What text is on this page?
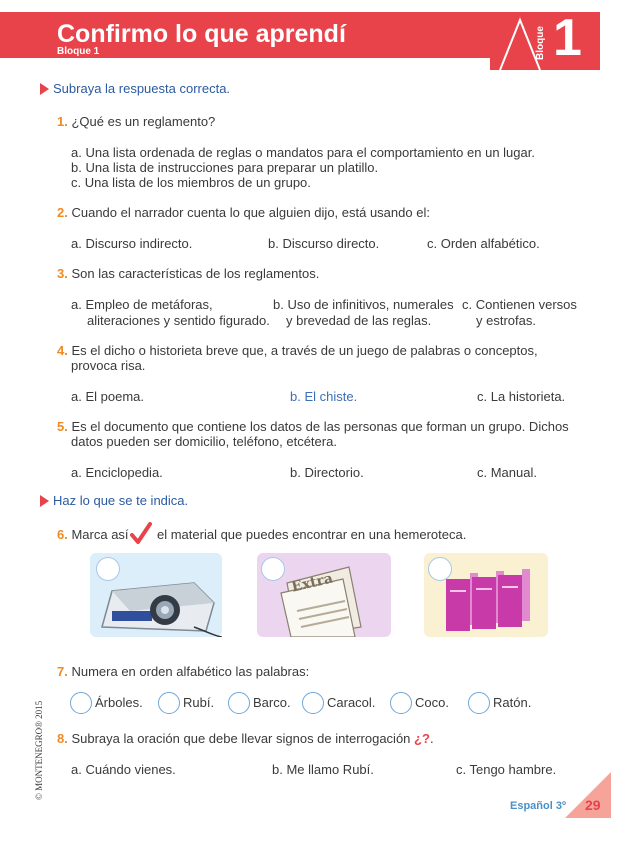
Confirmo lo que aprendí
Bloque 1	Bloque 1
© MONTENEGRO® 2015
Subraya la respuesta correcta.
1. ¿Qué es un reglamento?
a. Una lista ordenada de reglas o mandatos para el comportamiento en un lugar.
b. Una lista de instrucciones para preparar un platillo.
c. Una lista de los miembros de un grupo.
2. Cuando el narrador cuenta lo que alguien dijo, está usando el:
a. Discurso indirecto.	b. Discurso directo.	c. Orden alfabético.
3. Son las características de los reglamentos.
a. Empleo de metáforas,
aliteraciones y sentido figurado.
b. Uso de infinitivos, numerales
y brevedad de las reglas.
c. Contienen versos
y estrofas.
4. Es el dicho o historieta breve que, a través de un juego de palabras o conceptos,
provoca risa.
a. El poema.	b. El chiste.	c. La historieta.
5. Es el documento que contiene los datos de las personas que forman un grupo. Dichos
datos pueden ser domicilio, teléfono, etcétera.
a. Enciclopedia.	b. Directorio.	c. Manual.
Haz lo que se te indica.
6. Marca así el material que puedes encontrar en una hemeroteca.
Extra
7. Numera en orden alfabético las palabras:
Árboles.	Rubí.	Barco.	Caracol.	Coco.	Ratón.
8. Subraya la oración que debe llevar signos de interrogación ¿?.
a. Cuándo vienes.	b. Me llamo Rubí.	c. Tengo hambre.
Español 3º 29
